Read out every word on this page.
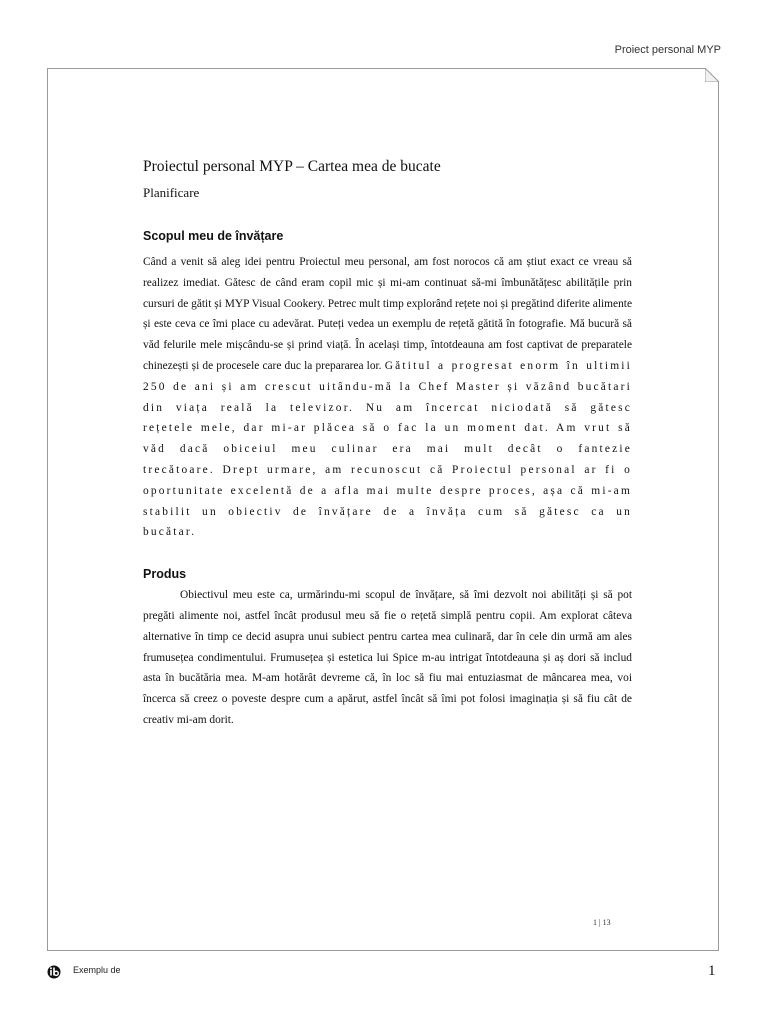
Proiect personal MYP
Proiectul personal MYP – Cartea mea de bucate
Planificare
Scopul meu de învățare

Când a venit să aleg idei pentru Proiectul meu personal, am fost norocos că am știut exact ce vreau să realizez imediat. Gătesc de când eram copil mic și mi-am continuat să-mi îmbunătățesc abilitățile prin cursuri de gătit și MYP Visual Cookery. Petrec mult timp explorând rețete noi și pregătind diferite alimente și este ceva ce îmi place cu adevărat. Puteți vedea un exemplu de rețetă gătită în fotografie. Mă bucură să văd felurile mele mișcându-se și prind viață. În același timp, întotdeauna am fost captivat de preparatele chinezești și de procesele care duc la prepararea lor. Gătitul a progresat enorm în ultimii 250 de ani și am crescut uitându-mă la Chef Master și văzând bucătari din viața reală la televizor. Nu am încercat niciodată să gătesc rețetele mele, dar mi-ar plăcea să o fac la un moment dat. Am vrut să văd dacă obiceiul meu culinar era mai mult decât o fantezie trecătoare. Drept urmare, am recunoscut că Proiectul personal ar fi o oportunitate excelentă de a afla mai multe despre proces, așa că mi-am stabilit un obiectiv de învățare de a învăța cum să gătesc ca un bucătar.

Produs

Obiectivul meu este ca, urmărindu-mi scopul de învățare, să îmi dezvolt noi abilități și să pot pregăti alimente noi, astfel încât produsul meu să fie o rețetă simplă pentru copii. Am explorat câteva alternative în timp ce decid asupra unui subiect pentru cartea mea culinară, dar în cele din urmă am ales frumusețea condimentului. Frumusețea și estetica lui Spice m-au intrigat întotdeauna și aș dori să includ asta în bucătăria mea. M-am hotărât devreme că, în loc să fiu mai entuziasmat de mâncarea mea, voi încerca să creez o poveste despre cum a apărut, astfel încât să îmi pot folosi imaginația și să fiu cât de creativ mi-am dorit.

1 | 13
Exemplu de	1
